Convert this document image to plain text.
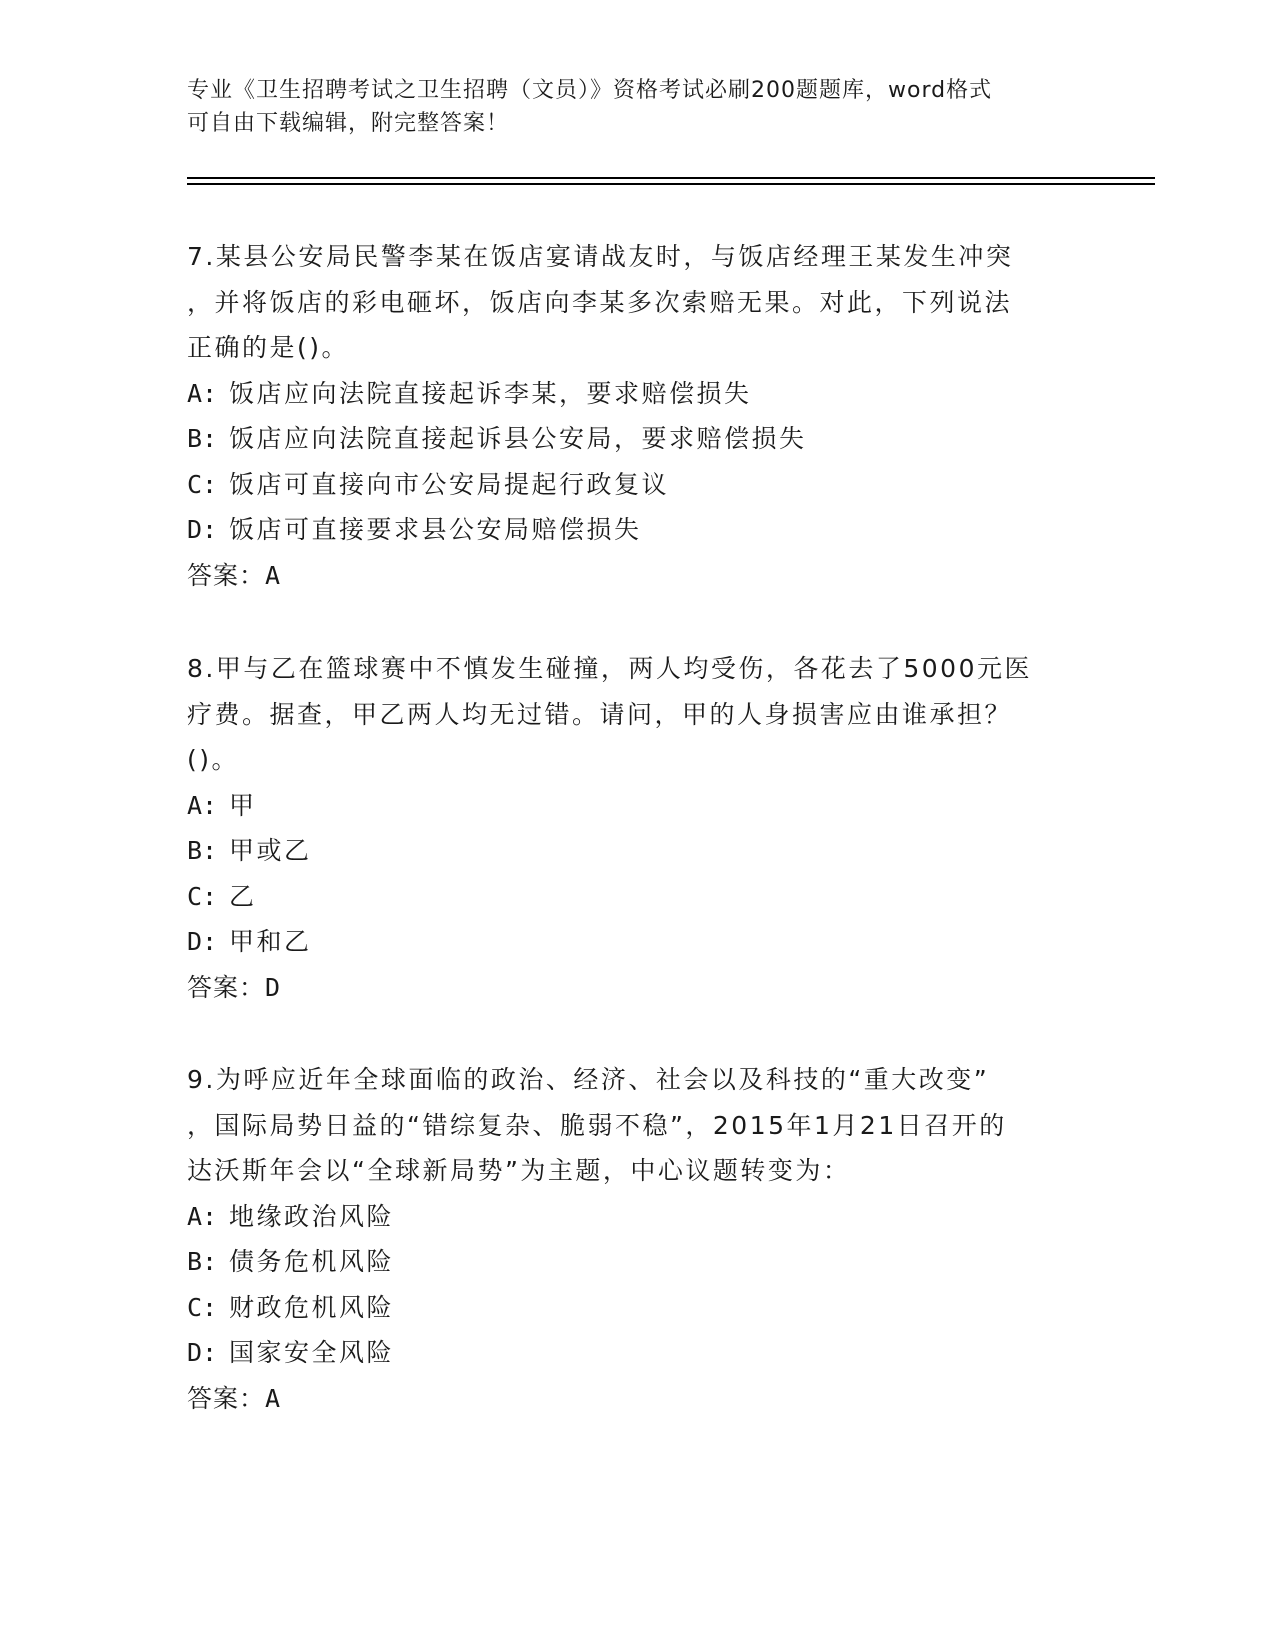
专业《卫生招聘考试之卫生招聘（文员）》资格考试必刷200题题库，word格式
可自由下载编辑，附完整答案！

7.某县公安局民警李某在饭店宴请战友时，与饭店经理王某发生冲突

，并将饭店的彩电砸坏，饭店向李某多次索赔无果。对此，下列说法

正确的是()。

A: 饭店应向法院直接起诉李某，要求赔偿损失

B: 饭店应向法院直接起诉县公安局，要求赔偿损失

C: 饭店可直接向市公安局提起行政复议

D: 饭店可直接要求县公安局赔偿损失

答案：A

8.甲与乙在篮球赛中不慎发生碰撞，两人均受伤，各花去了5000元医

疗费。据查，甲乙两人均无过错。请问，甲的人身损害应由谁承担？

()。

A: 甲

B: 甲或乙

C: 乙

D: 甲和乙

答案：D

9.为呼应近年全球面临的政治、经济、社会以及科技的“重大改变”

，国际局势日益的“错综复杂、脆弱不稳”，2015年1月21日召开的

达沃斯年会以“全球新局势”为主题，中心议题转变为：

A: 地缘政治风险

B: 债务危机风险

C: 财政危机风险

D: 国家安全风险

答案：A
